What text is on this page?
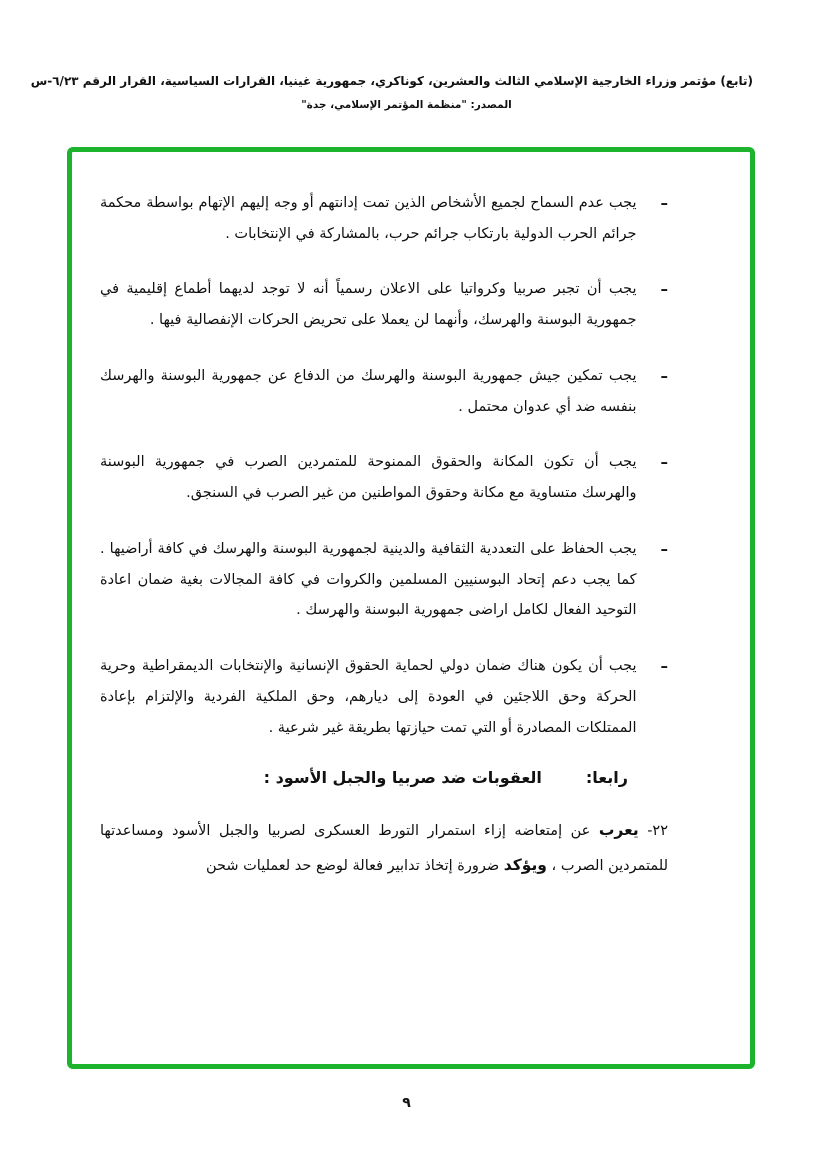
(تابع) مؤتمر وزراء الخارجية الإسلامي الثالث والعشرين، كوناكري، جمهورية غينيا، القرارات السياسية، القرار الرقم ٦/٢٣-س
المصدر: "منظمة المؤتمر الإسلامي، جدة"
–

يجب عدم السماح لجميع الأشخاص الذين تمت إدانتهم أو وجه إليهم الإتهام بواسطة محكمة جرائم الحرب الدولية بارتكاب جرائم حرب، بالمشاركة في الإنتخابات .

–

يجب أن تجبر صربيا وكرواتيا على الاعلان رسمياً أنه لا توجد لديهما أطماع إقليمية في جمهورية البوسنة والهرسك، وأنهما لن يعملا على تحريض الحركات الإنفصالية فيها .

–

يجب تمكين جيش جمهورية البوسنة والهرسك من الدفاع عن جمهورية البوسنة والهرسك بنفسه ضد أي عدوان محتمل .

–

يجب أن تكون المكانة والحقوق الممنوحة للمتمردين الصرب في جمهورية البوسنة والهرسك متساوية مع مكانة وحقوق المواطنين من غير الصرب في السنجق.

–

يجب الحفاظ على التعددية الثقافية والدينية لجمهورية البوسنة والهرسك في كافة أراضيها . كما يجب دعم إتحاد البوسنيين المسلمين والكروات في كافة المجالات بغية ضمان اعادة التوحيد الفعال لكامل اراضى جمهورية البوسنة والهرسك .

–

يجب أن يكون هناك ضمان دولي لحماية الحقوق الإنسانية والإنتخابات الديمقراطية وحرية الحركة وحق اللاجئين في العودة إلى ديارهم، وحق الملكية الفردية والإلتزام بإعادة الممتلكات المصادرة أو التي تمت حيازتها بطريقة غير شرعية .

رابعا:
العقوبات ضد صربيا والجبل الأسود :

٢٢- يعرب عن إمتعاضه إزاء استمرار التورط العسكرى لصربيا والجبل الأسود ومساعدتها للمتمردين الصرب ، ويؤكد ضرورة إتخاذ تدابير فعالة لوضع حد لعمليات شحن

٩
